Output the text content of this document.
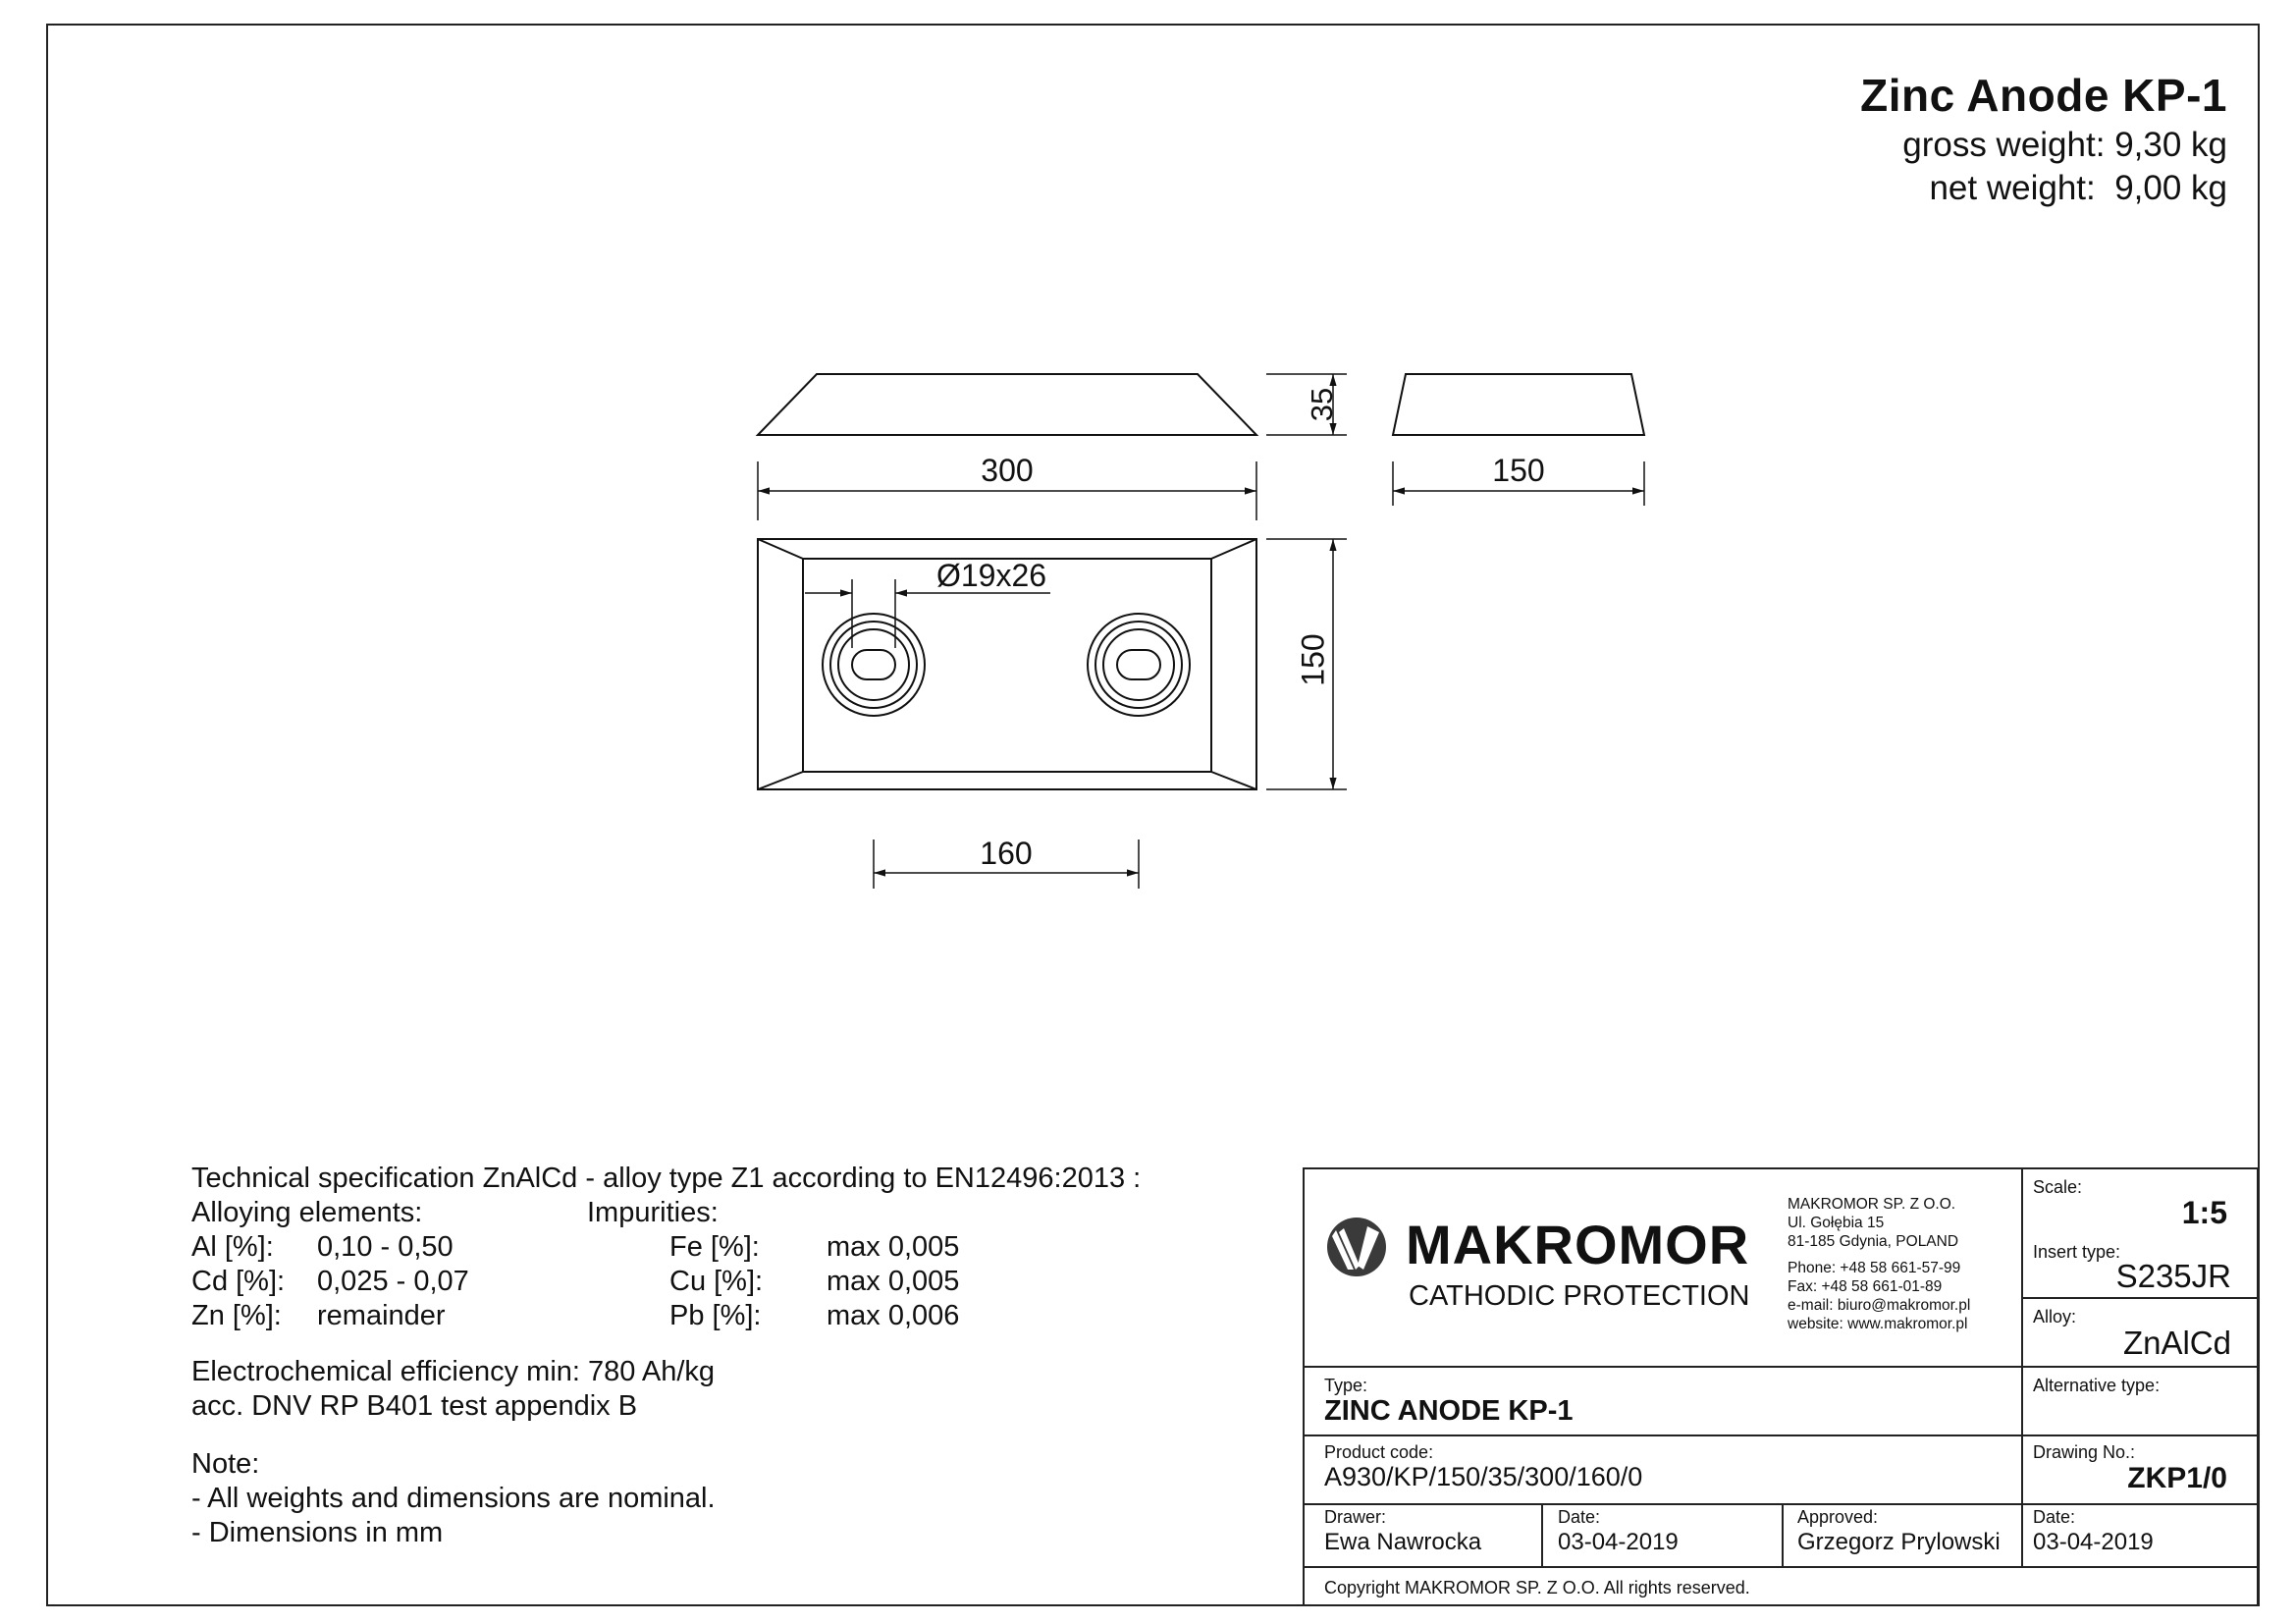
Zinc Anode KP-1
gross weight: 9,30 kg
net weight: 9,00 kg
35
300	150
Ø19x26
150
160
Technical specification ZnAlCd - alloy type Z1 according to EN12496:2013 :
Alloying elements:	Impurities:
Al [%]: 0,10 - 0,50	Fe [%]: max 0,005
Cd [%]: 0,025 - 0,07	Cu [%]: max 0,005
Zn [%]: remainder	Pb [%]: max 0,006
Electrochemical efficiency min: 780 Ah/kg
acc. DNV RP B401 test appendix B
Note:
- All weights and dimensions are nominal.
- Dimensions in mm
MAKROMOR
CATHODIC PROTECTION
MAKROMOR SP. Z O.O.
Ul. Gołębia 15
81-185 Gdynia, POLAND
Phone: +48 58 661-57-99
Fax: +48 58 661-01-89
e-mail: biuro@makromor.pl
website: www.makromor.pl
Scale:
1:5
Insert type:
S235JR
Alloy:
ZnAlCd
Alternative type:
Type:
ZINC ANODE KP-1
Product code:
A930/KP/150/35/300/160/0
Drawing No.:
ZKP1/0
Drawer:
Ewa Nawrocka
Date:
03-04-2019
Approved:
Grzegorz Prylowski
Date:
03-04-2019
Copyright MAKROMOR SP. Z O.O. All rights reserved.
